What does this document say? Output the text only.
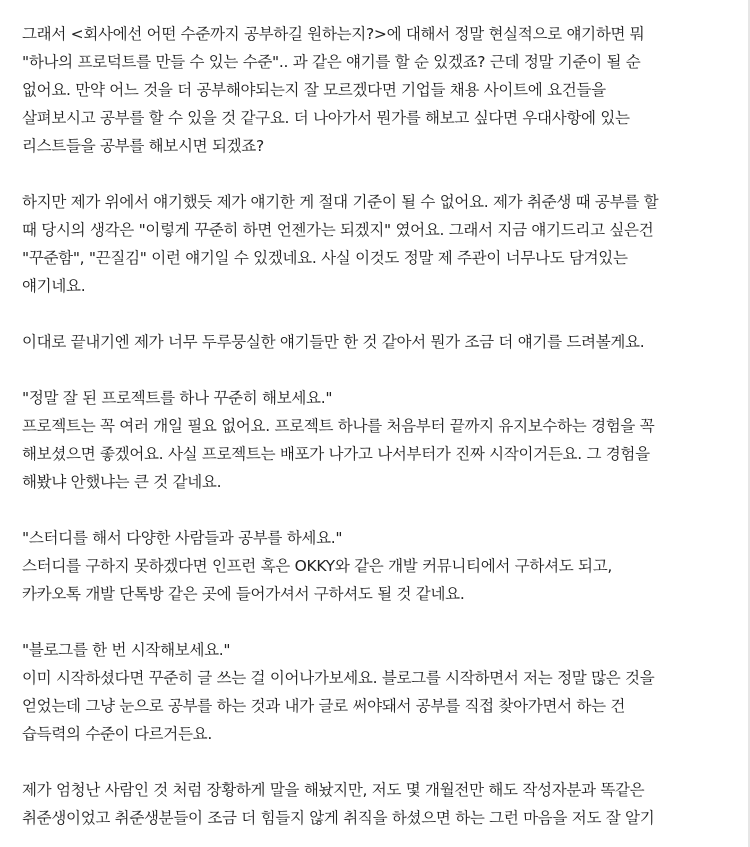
그래서 <회사에선 어떤 수준까지 공부하길 원하는지?>에 대해서 정말 현실적으로 얘기하면 뭐
"하나의 프로덕트를 만들 수 있는 수준".. 과 같은 얘기를 할 순 있겠죠? 근데 정말 기준이 될 순
없어요. 만약 어느 것을 더 공부해야되는지 잘 모르겠다면 기업들 채용 사이트에 요건들을
살펴보시고 공부를 할 수 있을 것 같구요. 더 나아가서 뭔가를 해보고 싶다면 우대사항에 있는
리스트들을 공부를 해보시면 되겠죠?
하지만 제가 위에서 얘기했듯 제가 얘기한 게 절대 기준이 될 수 없어요. 제가 취준생 때 공부를 할
때 당시의 생각은 "이렇게 꾸준히 하면 언젠가는 되겠지" 였어요. 그래서 지금 얘기드리고 싶은건
"꾸준함", "끈질김" 이런 얘기일 수 있겠네요. 사실 이것도 정말 제 주관이 너무나도 담겨있는
얘기네요.
이대로 끝내기엔 제가 너무 두루뭉실한 얘기들만 한 것 같아서 뭔가 조금 더 얘기를 드려볼게요.
"정말 잘 된 프로젝트를 하나 꾸준히 해보세요."
프로젝트는 꼭 여러 개일 필요 없어요. 프로젝트 하나를 처음부터 끝까지 유지보수하는 경험을 꼭
해보셨으면 좋겠어요. 사실 프로젝트는 배포가 나가고 나서부터가 진짜 시작이거든요. 그 경험을
해봤냐 안했냐는 큰 것 같네요.
"스터디를 해서 다양한 사람들과 공부를 하세요."
스터디를 구하지 못하겠다면 인프런 혹은 OKKY와 같은 개발 커뮤니티에서 구하셔도 되고,
카카오톡 개발 단톡방 같은 곳에 들어가셔서 구하셔도 될 것 같네요.
"블로그를 한 번 시작해보세요."
이미 시작하셨다면 꾸준히 글 쓰는 걸 이어나가보세요. 블로그를 시작하면서 저는 정말 많은 것을
얻었는데 그냥 눈으로 공부를 하는 것과 내가 글로 써야돼서 공부를 직접 찾아가면서 하는 건
습득력의 수준이 다르거든요.
제가 엄청난 사람인 것 처럼 장황하게 말을 해놨지만, 저도 몇 개월전만 해도 작성자분과 똑같은
취준생이었고 취준생분들이 조금 더 힘들지 않게 취직을 하셨으면 하는 그런 마음을 저도 잘 알기
